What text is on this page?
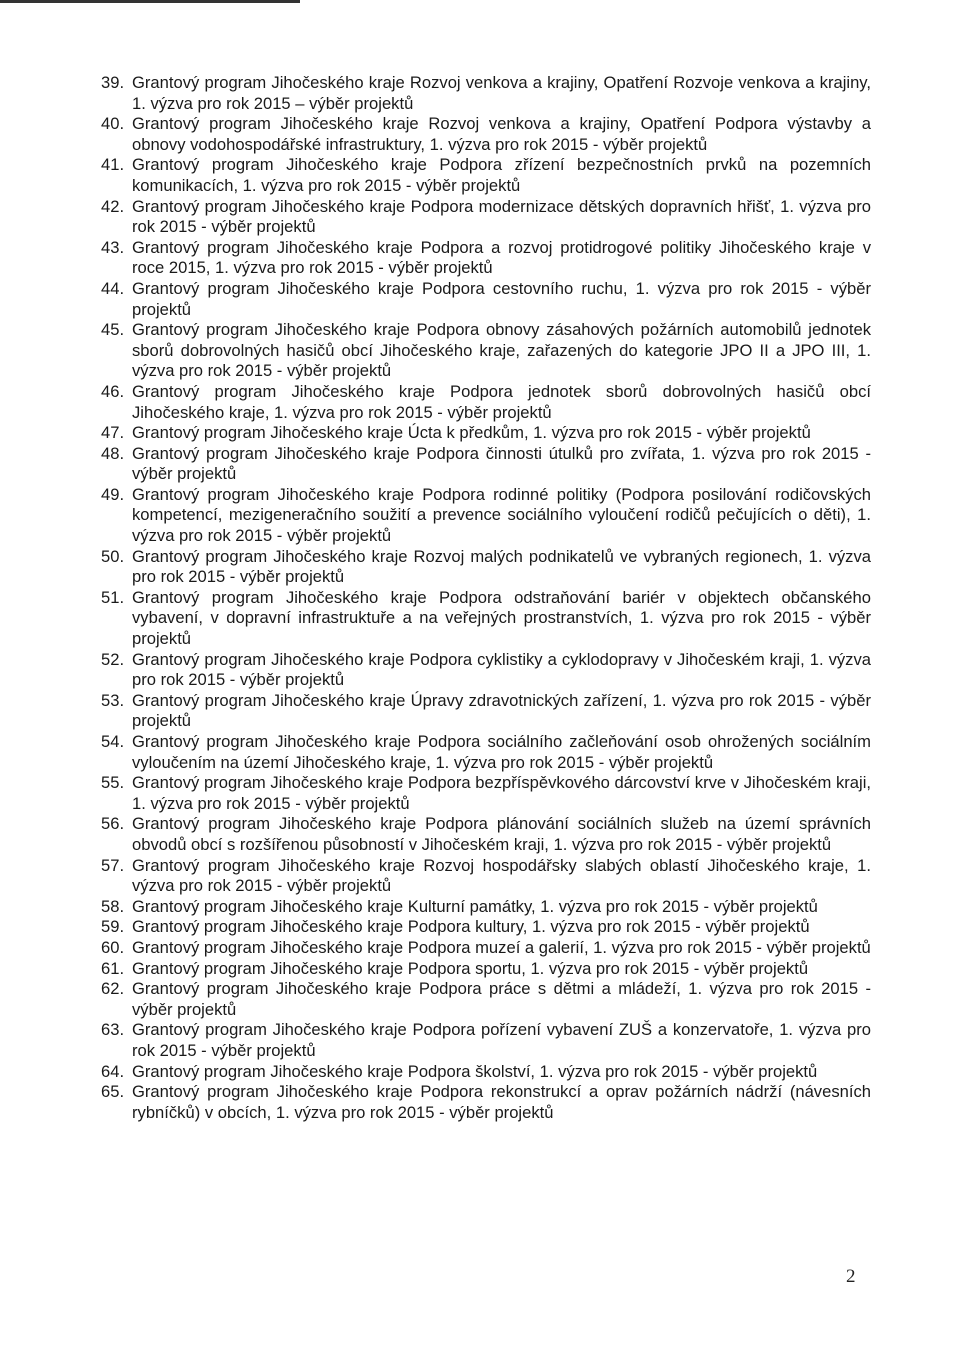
39. Grantový program Jihočeského kraje Rozvoj venkova a krajiny, Opatření Rozvoje venkova a krajiny, 1. výzva pro rok 2015 – výběr projektů
40. Grantový program Jihočeského kraje Rozvoj venkova a krajiny, Opatření Podpora výstavby a obnovy vodohospodářské infrastruktury, 1. výzva pro rok 2015 - výběr projektů
41. Grantový program Jihočeského kraje Podpora zřízení bezpečnostních prvků na pozemních komunikacích, 1. výzva pro rok 2015 - výběr projektů
42. Grantový program Jihočeského kraje Podpora modernizace dětských dopravních hřišť, 1. výzva pro rok 2015 - výběr projektů
43. Grantový program Jihočeského kraje Podpora a rozvoj protidrogové politiky Jihočeského kraje v roce 2015, 1. výzva pro rok 2015 - výběr projektů
44. Grantový program Jihočeského kraje Podpora cestovního ruchu, 1. výzva pro rok 2015 - výběr projektů
45. Grantový program Jihočeského kraje Podpora obnovy zásahových požárních automobilů jednotek sborů dobrovolných hasičů obcí Jihočeského kraje, zařazených do kategorie JPO II a JPO III, 1. výzva pro rok 2015 - výběr projektů
46. Grantový program Jihočeského kraje Podpora jednotek sborů dobrovolných hasičů obcí Jihočeského kraje, 1. výzva pro rok 2015 - výběr projektů
47. Grantový program Jihočeského kraje Úcta k předkům, 1. výzva pro rok 2015 - výběr projektů
48. Grantový program Jihočeského kraje Podpora činnosti útulků pro zvířata, 1. výzva pro rok 2015 - výběr projektů
49. Grantový program Jihočeského kraje Podpora rodinné politiky (Podpora posilování rodičovských kompetencí, mezigeneračního soužití a prevence sociálního vyloučení rodičů pečujících o děti), 1. výzva pro rok 2015 - výběr projektů
50. Grantový program Jihočeského kraje Rozvoj malých podnikatelů ve vybraných regionech, 1. výzva pro rok 2015 - výběr projektů
51. Grantový program Jihočeského kraje Podpora odstraňování bariér v objektech občanského vybavení, v dopravní infrastruktuře a na veřejných prostranstvích, 1. výzva pro rok 2015 - výběr projektů
52. Grantový program Jihočeského kraje Podpora cyklistiky a cyklodopravy v Jihočeském kraji, 1. výzva pro rok 2015 - výběr projektů
53. Grantový program Jihočeského kraje Úpravy zdravotnických zařízení, 1. výzva pro rok 2015 - výběr projektů
54. Grantový program Jihočeského kraje Podpora sociálního začleňování osob ohrožených sociálním vyloučením na území Jihočeského kraje, 1. výzva pro rok 2015 - výběr projektů
55. Grantový program Jihočeského kraje Podpora bezpříspěvkového dárcovství krve v Jihočeském kraji, 1. výzva pro rok 2015 - výběr projektů
56. Grantový program Jihočeského kraje Podpora plánování sociálních služeb na území správních obvodů obcí s rozšířenou působností v Jihočeském kraji, 1. výzva pro rok 2015 - výběr projektů
57. Grantový program Jihočeského kraje Rozvoj hospodářsky slabých oblastí Jihočeského kraje, 1. výzva pro rok 2015 - výběr projektů
58. Grantový program Jihočeského kraje Kulturní památky, 1. výzva pro rok 2015 - výběr projektů
59. Grantový program Jihočeského kraje Podpora kultury, 1. výzva pro rok 2015 - výběr projektů
60. Grantový program Jihočeského kraje Podpora muzeí a galerií, 1. výzva pro rok 2015 - výběr projektů
61. Grantový program Jihočeského kraje Podpora sportu, 1. výzva pro rok 2015 - výběr projektů
62. Grantový program Jihočeského kraje Podpora práce s dětmi a mládeží, 1. výzva pro rok 2015 - výběr projektů
63. Grantový program Jihočeského kraje Podpora pořízení vybavení ZUŠ a konzervatoře, 1. výzva pro rok 2015 - výběr projektů
64. Grantový program Jihočeského kraje Podpora školství, 1. výzva pro rok 2015 - výběr projektů
65. Grantový program Jihočeského kraje Podpora rekonstrukcí a oprav požárních nádrží (návesních rybníčků) v obcích, 1. výzva pro rok 2015 - výběr projektů
2
